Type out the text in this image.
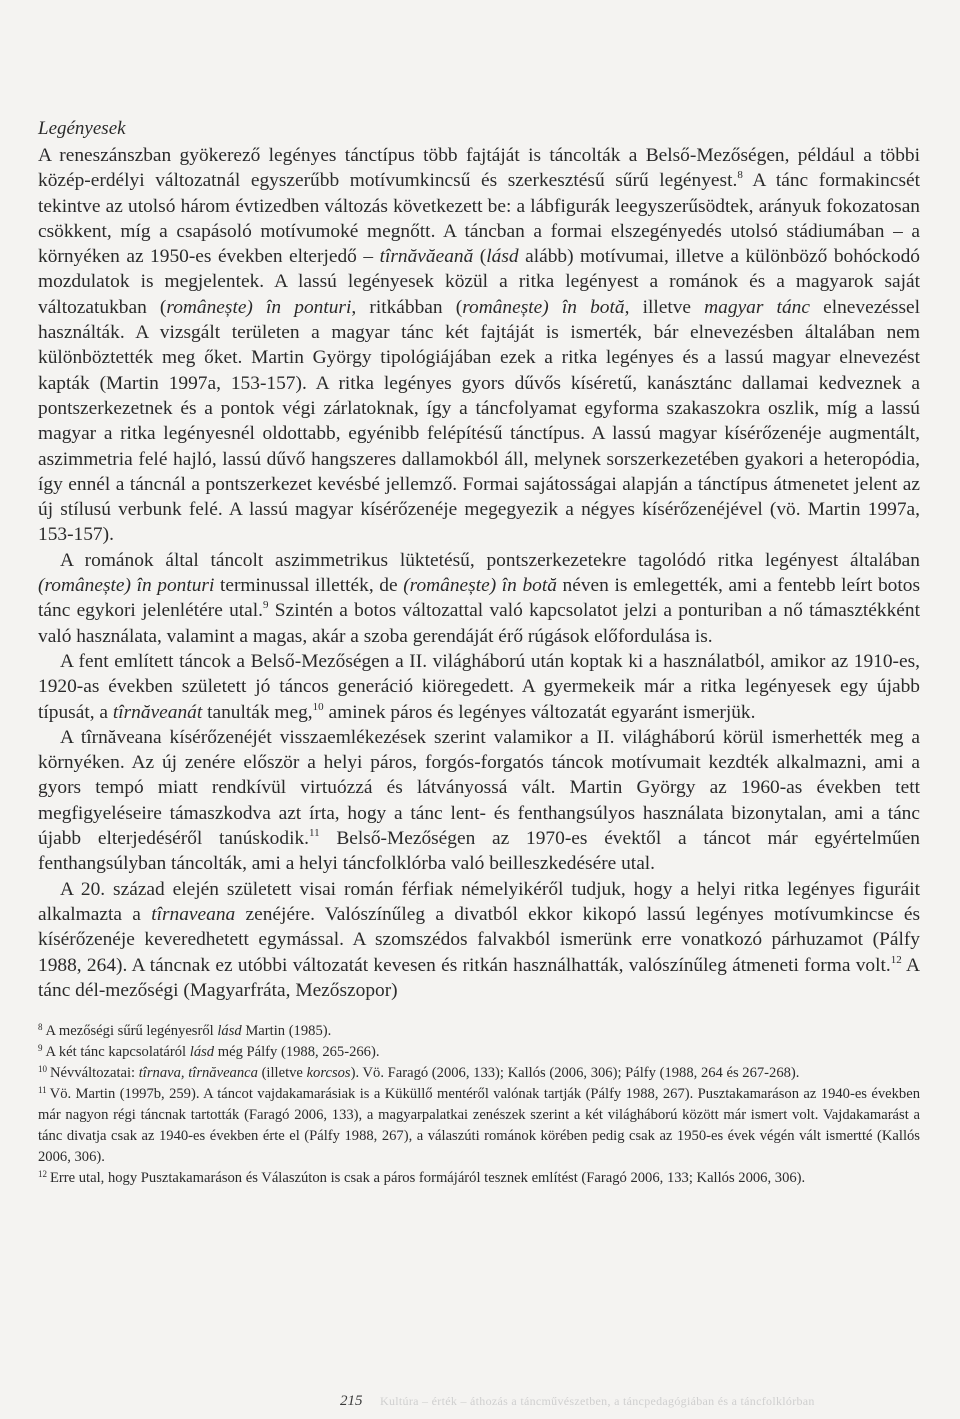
Legényesek

A reneszánszban gyökerező legényes tánctípus több fajtáját is táncolták a Belső-Mezőségen, például a többi közép-erdélyi változatnál egyszerűbb motívumkincsű és szerkesztésű sűrű legényest.$^8$ A tánc formakincsét tekintve az utolsó három évtizedben változás következett be: a lábfigurák leegyszerűsödtek, arányuk fokozatosan csökkent, míg a csapásoló motívumoké megnőtt. A táncban a formai elszegényedés utolsó stádiumában – a környéken az 1950-es években elterjedő – tîrnăvăeană (lásd alább) motívumai, illetve a különböző bohóckodó mozdulatok is megjelentek. A lassú legényesek közül a ritka legényest a románok és a magyarok saját változatukban (românește) în ponturi, ritkábban (românește) în botă, illetve magyar tánc elnevezéssel használták. A vizsgált területen a magyar tánc két fajtáját is ismerték, bár elnevezésben általában nem különböztették meg őket. Martin György tipológiájában ezek a ritka legényes és a lassú magyar elnevezést kapták (Martin 1997a, 153-157). A ritka legényes gyors dűvős kíséretű, kanásztánc dallamai kedveznek a pontszerkezetnek és a pontok végi zárlatoknak, így a táncfolyamat egyforma szakaszokra oszlik, míg a lassú magyar a ritka legényesnél oldottabb, egyénibb felépítésű tánctípus. A lassú magyar kísérőzenéje augmentált, aszimmetria felé hajló, lassú dűvő hangszeres dallamokból áll, melynek sorszerkezetében gyakori a heteropódia, így ennél a táncnál a pontszerkezet kevésbé jellemző. Formai sajátosságai alapján a tánctípus átmenetet jelent az új stílusú verbunk felé. A lassú magyar kísérőzenéje megegyezik a négyes kísérőzenéjével (vö. Martin 1997a, 153-157).

A románok által táncolt aszimmetrikus lüktetésű, pontszerkezetekre tagolódó ritka legényest általában (românește) în ponturi terminussal illették, de (românește) în botă néven is emlegették, ami a fentebb leírt botos tánc egykori jelenlétére utal.$^9$ Szintén a botos változattal való kapcsolatot jelzi a ponturiban a nő támasztékként való használata, valamint a magas, akár a szoba gerendáját érő rúgások előfordulása is.

A fent említett táncok a Belső-Mezőségen a II. világháború után koptak ki a használatból, amikor az 1910-es, 1920-as években született jó táncos generáció kiöregedett. A gyermekeik már a ritka legényesek egy újabb típusát, a tîrnăveanát tanulták meg,$^{10}$ aminek páros és legényes változatát egyaránt ismerjük.

A tîrnăveana kísérőzenéjét visszaemlékezések szerint valamikor a II. világháború körül ismerhették meg a környéken. Az új zenére először a helyi páros, forgós-forgatós táncok motívumait kezdték alkalmazni, ami a gyors tempó miatt rendkívül virtuózzá és látványossá vált. Martin György az 1960-as években tett megfigyeléseire támaszkodva azt írta, hogy a tánc lent- és fenthangsúlyos használata bizonytalan, ami a tánc újabb elterjedéséről tanúskodik.$^{11}$ Belső-Mezőségen az 1970-es évektől a táncot már egyértelműen fenthangsúlyban táncolták, ami a helyi táncfolklórba való beilleszkedésére utal.

A 20. század elején született visai román férfiak némelyikéről tudjuk, hogy a helyi ritka legényes figuráit alkalmazta a tîrnaveana zenéjére. Valószínűleg a divatból ekkor kikopó lassú legényes motívumkincse és kísérőzenéje keveredhetett egymással. A szomszédos falvakból ismerünk erre vonatkozó párhuzamot (Pálfy 1988, 264). A táncnak ez utóbbi változatát kevesen és ritkán használhatták, valószínűleg átmeneti forma volt.$^{12}$ A tánc dél-mezőségi (Magyarfráta, Mezőszopor)

$^8$ A mezőségi sűrű legényesről lásd Martin (1985).

$^9$ A két tánc kapcsolatáról lásd még Pálfy (1988, 265-266).

$^{10}$ Névváltozatai: tîrnava, tîrnăveanca (illetve korcsos). Vö. Faragó (2006, 133); Kallós (2006, 306); Pálfy (1988, 264 és 267-268).

$^{11}$ Vö. Martin (1997b, 259). A táncot vajdakamarásiak is a Küküllő mentéről valónak tartják (Pálfy 1988, 267). Pusztakamaráson az 1940-es években már nagyon régi táncnak tartották (Faragó 2006, 133), a magyarpalatkai zenészek szerint a két világháború között már ismert volt. Vajdakamarást a tánc divatja csak az 1940-es években érte el (Pálfy 1988, 267), a válaszúti románok körében pedig csak az 1950-es évek végén vált ismertté (Kallós 2006, 306).

$^{12}$ Erre utal, hogy Pusztakamaráson és Válaszúton is csak a páros formájáról tesznek említést (Faragó 2006, 133; Kallós 2006, 306).

215 Kultúra – érték – áthozás a táncművészetben, a táncpedagógiában és a táncfolklórban
